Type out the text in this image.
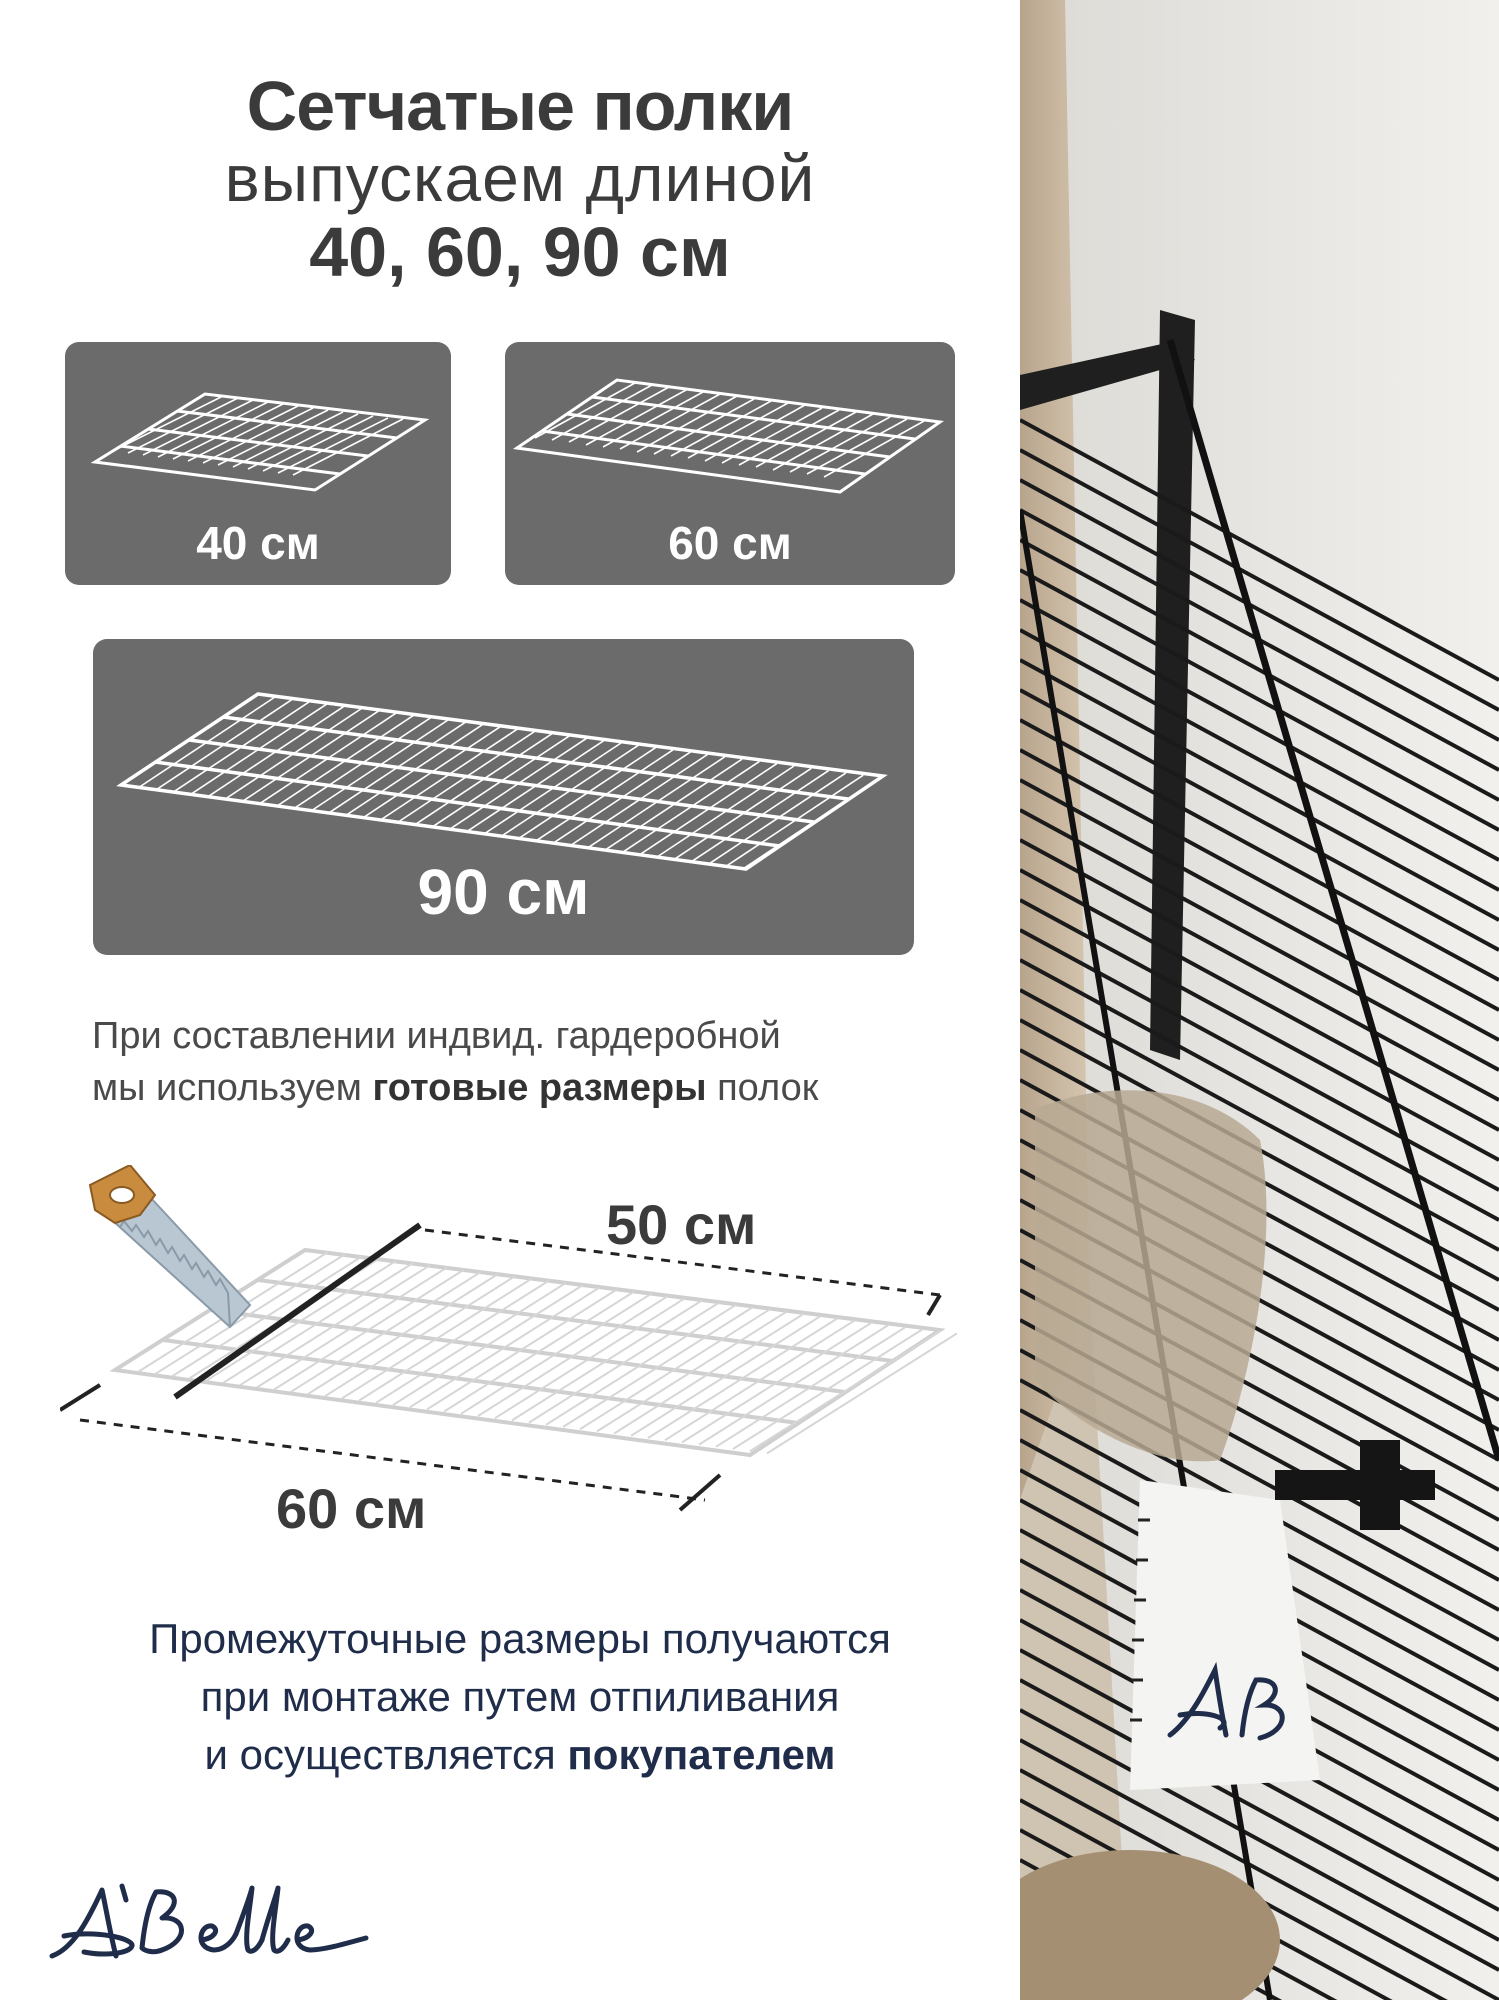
Сетчатые полки
выпускаем длиной
40, 60, 90 см
40 см	60 см
90 см
При составлении индвид. гардеробной
мы используем готовые размеры полок
50 см
60 см
Промежуточные размеры получаются
при монтаже путем отпиливания
и осуществляется покупателем
